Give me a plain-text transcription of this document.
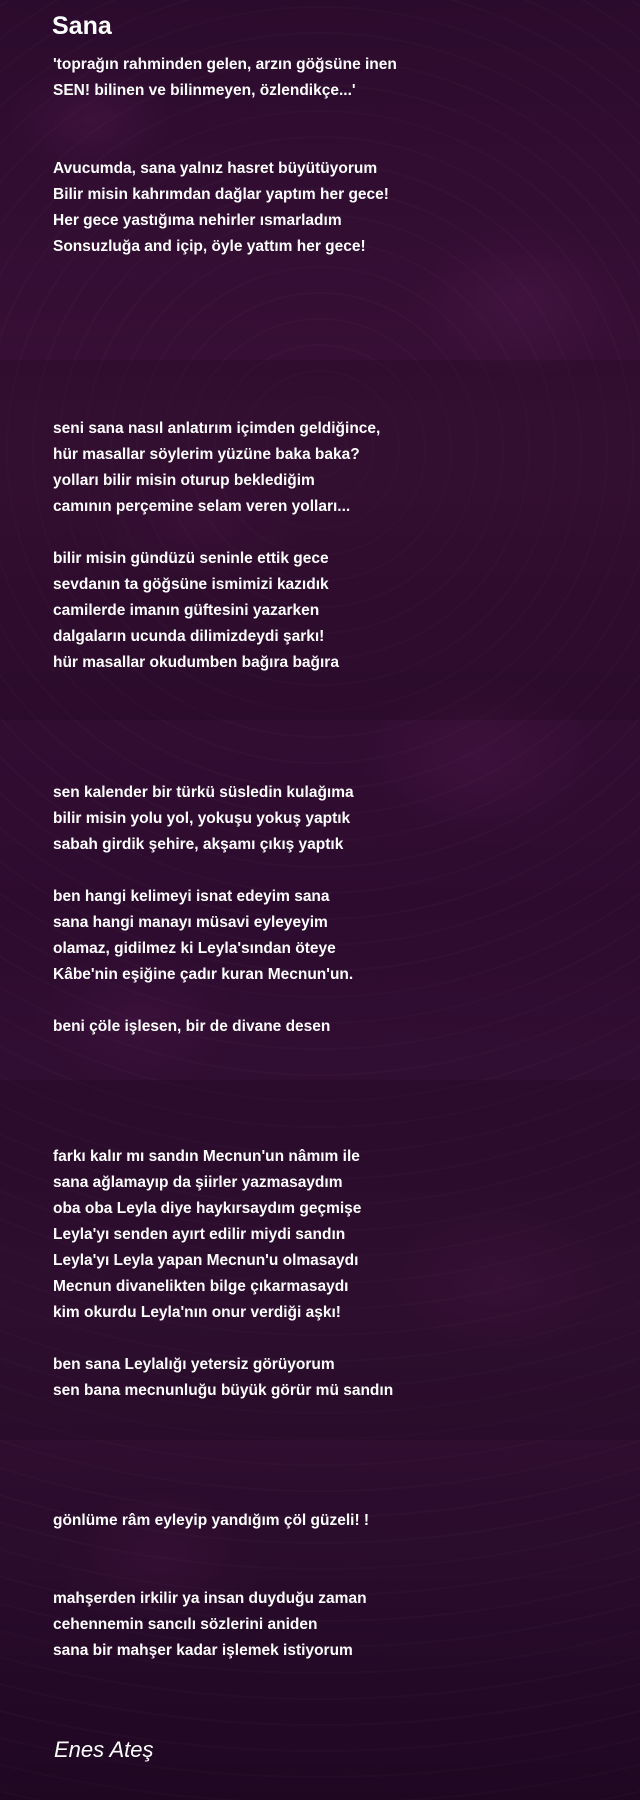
Sana
'toprağın rahminden gelen, arzın göğsüne inen
SEN! bilinen ve bilinmeyen, özlendikçe...'
Avucumda, sana yalnız hasret büyütüyorum
Bilir misin kahrımdan dağlar yaptım her gece!
Her gece yastığıma nehirler ısmarladım
Sonsuzluğa and içip, öyle yattım her gece!
seni sana nasıl anlatırım içimden geldiğince,
hür masallar söylerim yüzüne baka baka?
yolları bilir misin oturup beklediğim
camının perçemine selam veren yolları...
bilir misin gündüzü seninle ettik gece
sevdanın ta göğsüne ismimizi kazıdık
camilerde imanın güftesini yazarken
dalgaların ucunda dilimizdeydi şarkı!
hür masallar okudumben bağıra bağıra
sen kalender bir türkü süsledin kulağıma
bilir misin yolu yol, yokuşu yokuş yaptık
sabah girdik şehire, akşamı çıkış yaptık
ben hangi kelimeyi isnat edeyim sana
sana hangi manayı müsavi eyleyeyim
olamaz, gidilmez ki Leyla'sından öteye
Kâbe'nin eşiğine çadır kuran Mecnun'un.
beni çöle işlesen, bir de divane desen
farkı kalır mı sandın Mecnun'un nâmım ile
sana ağlamayıp da şiirler yazmasaydım
oba oba Leyla diye haykırsaydım geçmişe
Leyla'yı senden ayırt edilir miydi sandın
Leyla'yı Leyla yapan Mecnun'u olmasaydı
Mecnun divanelikten bilge çıkarmasaydı
kim okurdu Leyla'nın onur verdiği aşkı!
ben sana Leylalığı yetersiz görüyorum
sen bana mecnunluğu büyük görür mü sandın
gönlüme râm eyleyip yandığım çöl güzeli! !
mahşerden irkilir ya insan duyduğu zaman
cehennemin sancılı sözlerini aniden
sana bir mahşer kadar işlemek istiyorum
Enes Ateş
